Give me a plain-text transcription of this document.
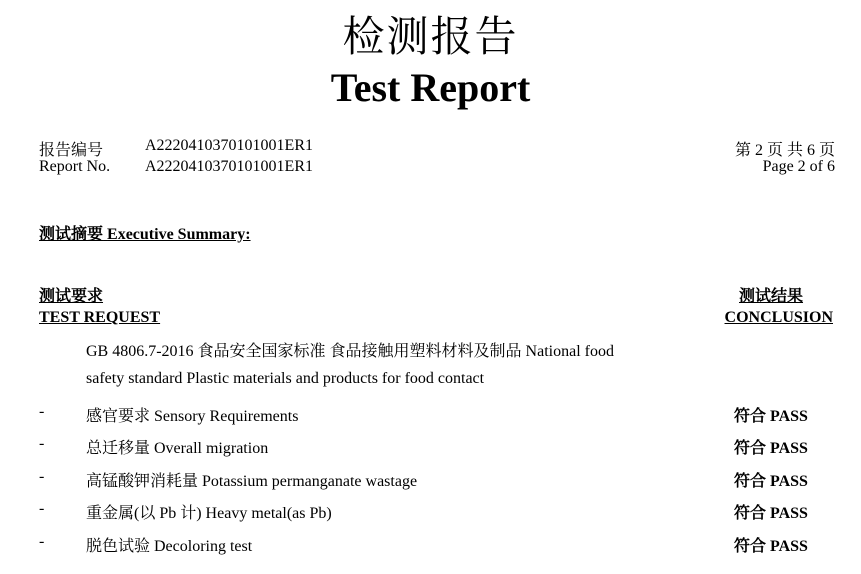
检测报告
Test Report
报告编号
Report No.
A2220410370101001ER1
A2220410370101001ER1
第 2 页 共 6 页
Page 2 of 6
测试摘要 Executive Summary:
测试要求
TEST REQUEST
测试结果
CONCLUSION
GB 4806.7-2016 食品安全国家标准 食品接触用塑料材料及制品 National food
safety standard Plastic materials and products for food contact
-	感官要求 Sensory Requirements	符合 PASS
-	总迁移量 Overall migration	符合 PASS
-	高锰酸钾消耗量 Potassium permanganate wastage	符合 PASS
-	重金属(以 Pb 计) Heavy metal(as Pb)	符合 PASS
-	脱色试验 Decoloring test	符合 PASS
